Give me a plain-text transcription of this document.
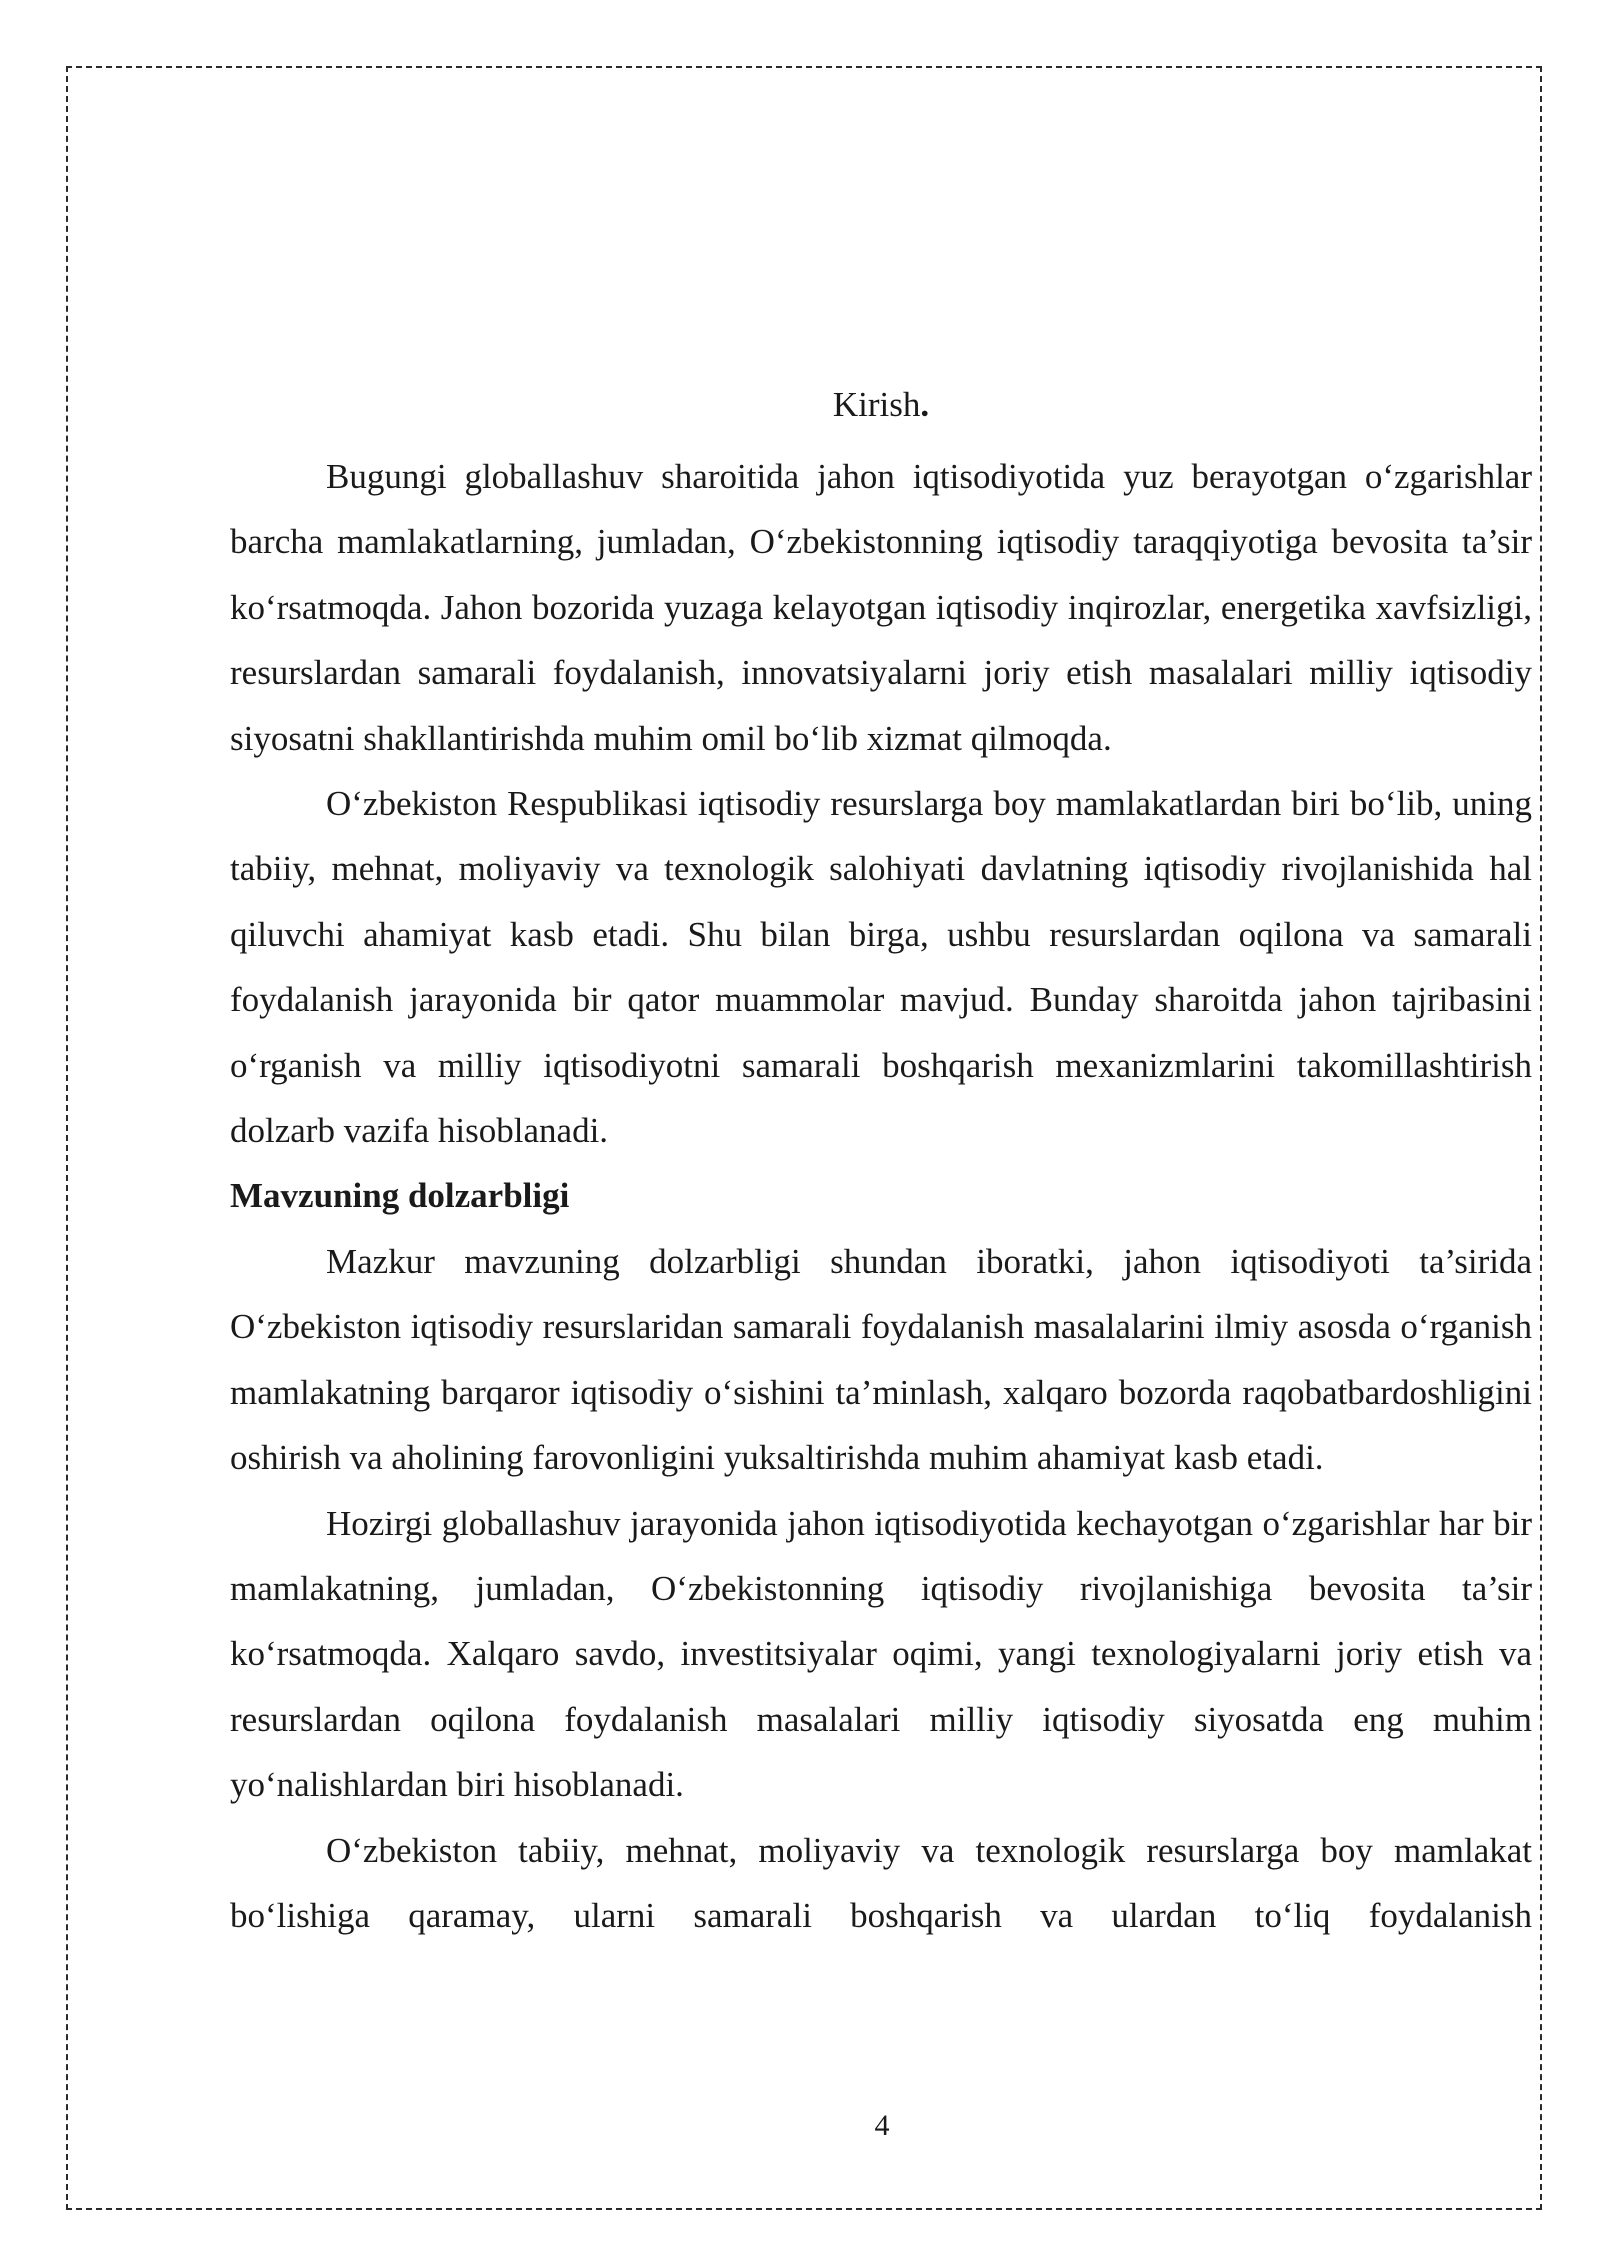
Kirish.

Bugungi globallashuv sharoitida jahon iqtisodiyotida yuz berayotgan o‘zgarishlar barcha mamlakatlarning, jumladan, O‘zbekistonning iqtisodiy taraqqiyotiga bevosita ta’sir ko‘rsatmoqda. Jahon bozorida yuzaga kelayotgan iqtisodiy inqirozlar, energetika xavfsizligi, resurslardan samarali foydalanish, innovatsiyalarni joriy etish masalalari milliy iqtisodiy siyosatni shakllantirishda muhim omil bo‘lib xizmat qilmoqda.

O‘zbekiston Respublikasi iqtisodiy resurslarga boy mamlakatlardan biri bo‘lib, uning tabiiy, mehnat, moliyaviy va texnologik salohiyati davlatning iqtisodiy rivojlanishida hal qiluvchi ahamiyat kasb etadi. Shu bilan birga, ushbu resurslardan oqilona va samarali foydalanish jarayonida bir qator muammolar mavjud. Bunday sharoitda jahon tajribasini o‘rganish va milliy iqtisodiyotni samarali boshqarish mexanizmlarini takomillashtirish dolzarb vazifa hisoblanadi.

Mavzuning dolzarbligi

Mazkur mavzuning dolzarbligi shundan iboratki, jahon iqtisodiyoti ta’sirida O‘zbekiston iqtisodiy resurslaridan samarali foydalanish masalalarini ilmiy asosda o‘rganish mamlakatning barqaror iqtisodiy o‘sishini ta’minlash, xalqaro bozorda raqobatbardoshligini oshirish va aholining farovonligini yuksaltirishda muhim ahamiyat kasb etadi.

Hozirgi globallashuv jarayonida jahon iqtisodiyotida kechayotgan o‘zgarishlar har bir mamlakatning, jumladan, O‘zbekistonning iqtisodiy rivojlanishiga bevosita ta’sir ko‘rsatmoqda. Xalqaro savdo, investitsiyalar oqimi, yangi texnologiyalarni joriy etish va resurslardan oqilona foydalanish masalalari milliy iqtisodiy siyosatda eng muhim yo‘nalishlardan biri hisoblanadi.

O‘zbekiston tabiiy, mehnat, moliyaviy va texnologik resurslarga boy mamlakat bo‘lishiga qaramay, ularni samarali boshqarish va ulardan to‘liq foydalanish

4
